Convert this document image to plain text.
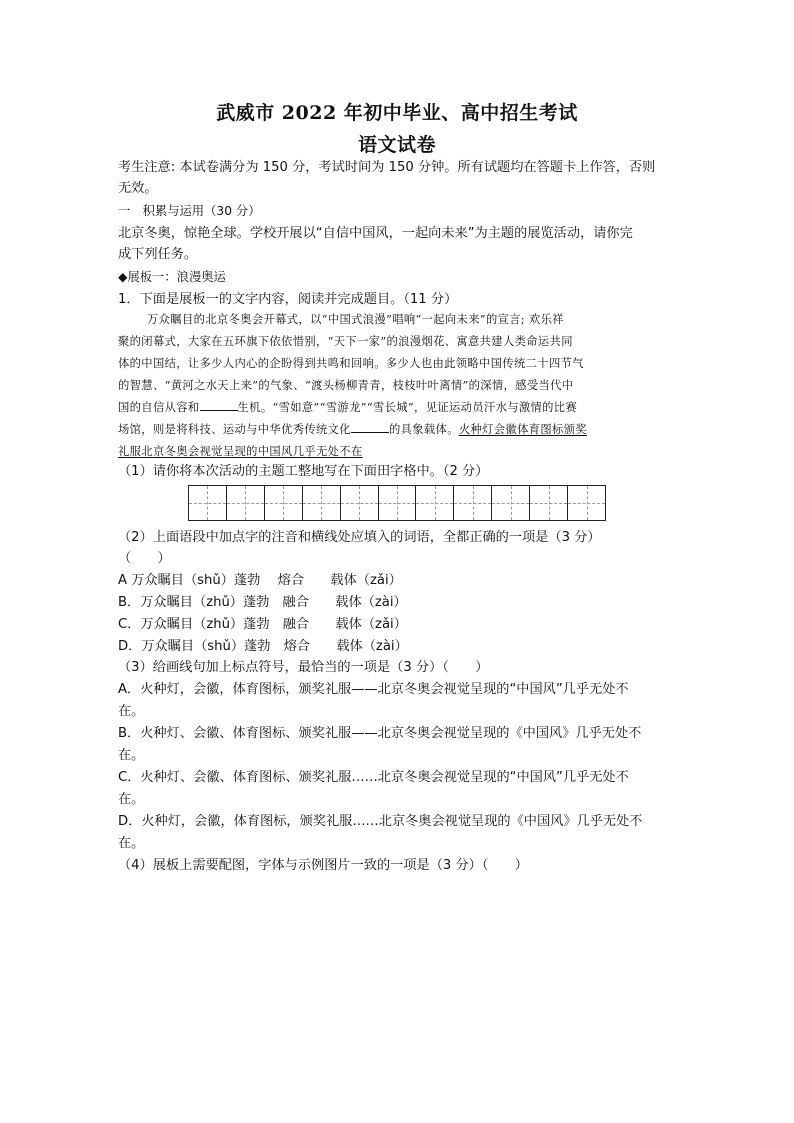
武威市 2022 年初中毕业、高中招生考试
语文试卷
考生注意: 本试卷满分为 150 分，考试时间为 150 分钟。所有试题均在答题卡上作答，否则
无效。
一　积累与运用（30 分）
北京冬奥，惊艳全球。学校开展以“自信中国风，一起向未来”为主题的展览活动，请你完
成下列任务。
◆展板一：浪漫奥运
1．下面是展板一的文字内容，阅读并完成题目。（11 分）
万众瞩目的北京冬奥会开幕式，以“中国式浪漫”唱响“一起向未来”的宣言; 欢乐祥
聚的闭幕式，大家在五环旗下依依惜别，“天下一家”的浪漫烟花、寓意共建人类命运共同
体的中国结，让多少人内心的企盼得到共鸣和回响。多少人也由此领略中国传统二十四节气
的智慧、“黄河之水天上来”的气象、“渡头杨柳青青，枝枝叶叶离情”的深情，感受当代中
国的自信从容和	生机。“雪如意”“雪游龙”“雪长城”，见证运动员汗水与激情的比赛
场馆，则是将科技、运动与中华优秀传统文化	的具象载体。火种灯会徽体育图标颁奖
礼服北京冬奥会视觉呈现的中国风几乎无处不在
（1）请你将本次活动的主题工整地写在下面田字格中。（2 分）
（2）上面语段中加点字的注音和横线处应填入的词语，全都正确的一项是（3 分）
（　　）
A 万众瞩目（shǔ）蓬勃　 熔合　　载体（zǎi）
B．万众瞩目（zhǔ）蓬勃　融合　　载体（zài）
C．万众瞩目（zhǔ）蓬勃　融合　　载体（zǎi）
D．万众瞩目（shǔ）蓬勃　熔合　　载体（zài）
（3）给画线句加上标点符号，最恰当的一项是（3 分）（　　）
A．火种灯，会徽，体育图标，颁奖礼服——北京冬奥会视觉呈现的“中国风”几乎无处不
在。
B．火种灯、会徽、体育图标、颁奖礼服——北京冬奥会视觉呈现的《中国风》几乎无处不
在。
C．火种灯、会徽、体育图标、颁奖礼服……北京冬奥会视觉呈现的“中国风”几乎无处不
在。
D．火种灯，会徽，体育图标，颁奖礼服……北京冬奥会视觉呈现的《中国风》几乎无处不
在。
（4）展板上需要配图，字体与示例图片一致的一项是（3 分）（　　）
